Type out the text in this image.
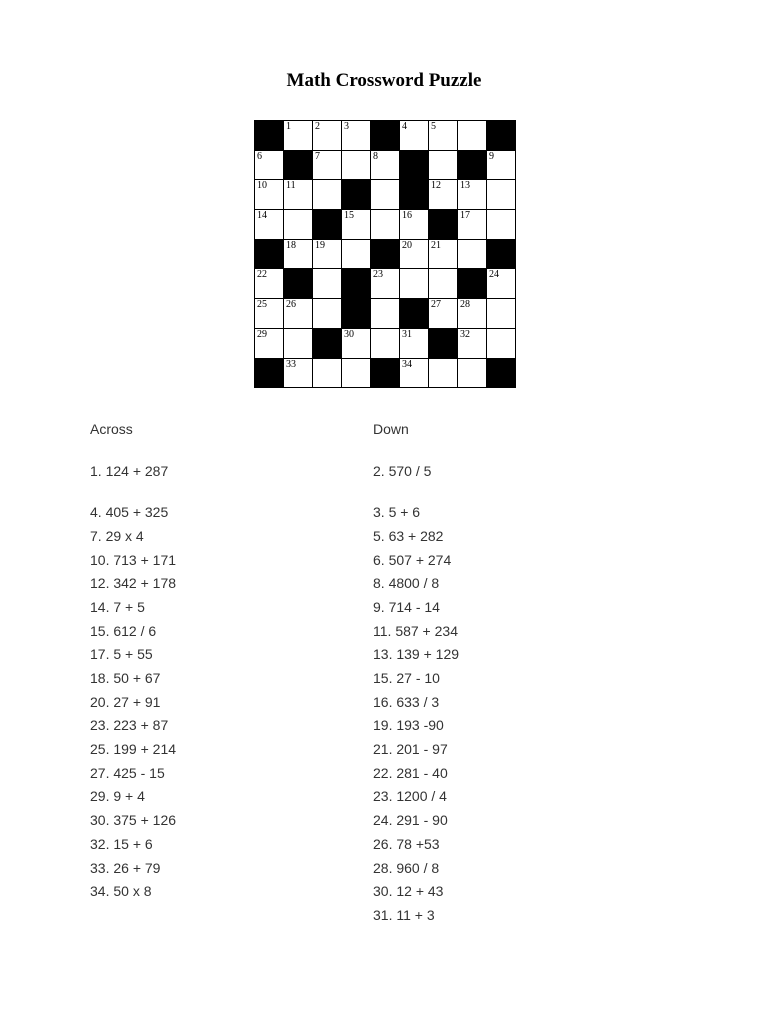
Math Crossword Puzzle
1 2 3	4 5
6	7	8	9
10 11	12 13
14	15	16	17
18 19	20 21
22	23	24
25 26	27 28
29	30	31	32
33	34
Across
1. 124 + 287
4. 405 + 325
7. 29 x 4
10. 713 + 171
12. 342 + 178
14. 7 + 5
15. 612 / 6
17. 5 + 55
18. 50 + 67
20. 27 + 91
23. 223 + 87
25. 199 + 214
27. 425 - 15
29. 9 + 4
30. 375 + 126
32. 15 + 6
33. 26 + 79
34. 50 x 8
Down
2. 570 / 5
3. 5 + 6
5. 63 + 282
6. 507 + 274
8. 4800 / 8
9. 714 - 14
11. 587 + 234
13. 139 + 129
15. 27 - 10
16. 633 / 3
19. 193 -90
21. 201 - 97
22. 281 - 40
23. 1200 / 4
24. 291 - 90
26. 78 +53
28. 960 / 8
30. 12 + 43
31. 11 + 3
